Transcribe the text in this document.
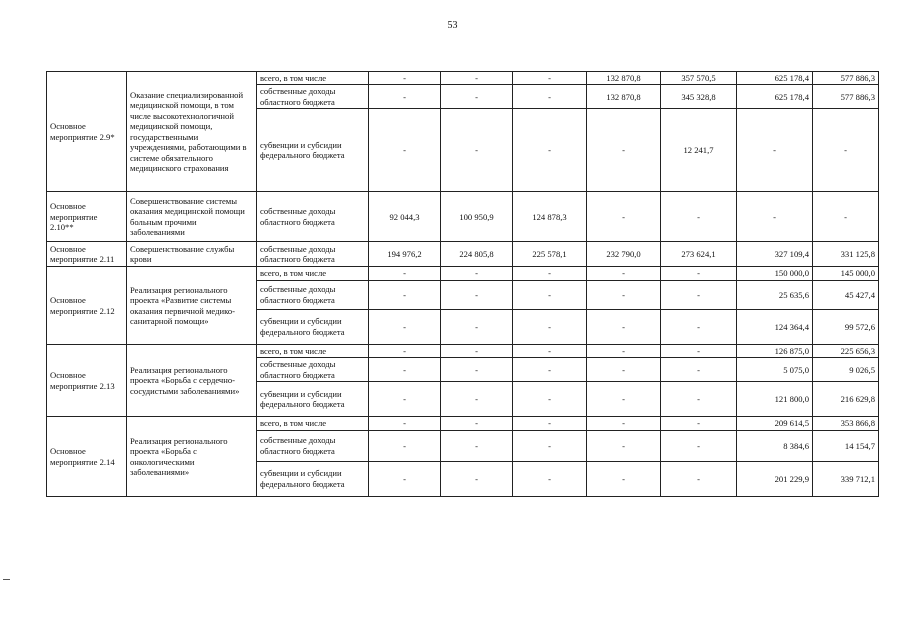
53
Основное мероприятие 2.9*	Оказание специализированной медицинской помощи, в том числе высокотехнологичной медицинской помощи, государственными учреждениями, работающими в системе обязательного медицинского страхования	всего, в том числе	-	-	-	132 870,8	357 570,5	625 178,4	577 886,3
		собственные доходы областного бюджета	-	-	-	132 870,8	345 328,8	625 178,4	577 886,3
		субвенции и субсидии федерального бюджета	-	-	-	-	12 241,7	-	-
Основное мероприятие 2.10**	Совершенствование системы оказания медицинской помощи больным прочими заболеваниями	собственные доходы областного бюджета	92 044,3	100 950,9	124 878,3	-	-	-	-
Основное мероприятие 2.11	Совершенствование службы крови	собственные доходы областного бюджета	194 976,2	224 805,8	225 578,1	232 790,0	273 624,1	327 109,4	331 125,8
Основное мероприятие 2.12	Реализация регионального проекта «Развитие системы оказания первичной медико-санитарной помощи»	всего, в том числе	-	-	-	-	-	150 000,0	145 000,0
		собственные доходы областного бюджета	-	-	-	-	-	25 635,6	45 427,4
		субвенции и субсидии федерального бюджета	-	-	-	-	-	124 364,4	99 572,6
Основное мероприятие 2.13	Реализация регионального проекта «Борьба с сердечно-сосудистыми заболеваниями»	всего, в том числе	-	-	-	-	-	126 875,0	225 656,3
		собственные доходы областного бюджета	-	-	-	-	-	5 075,0	9 026,5
		субвенции и субсидии федерального бюджета	-	-	-	-	-	121 800,0	216 629,8
Основное мероприятие 2.14	Реализация регионального проекта «Борьба с онкологическими заболеваниями»	всего, в том числе	-	-	-	-	-	209 614,5	353 866,8
		собственные доходы областного бюджета	-	-	-	-	-	8 384,6	14 154,7
		субвенции и субсидии федерального бюджета	-	-	-	-	-	201 229,9	339 712,1
